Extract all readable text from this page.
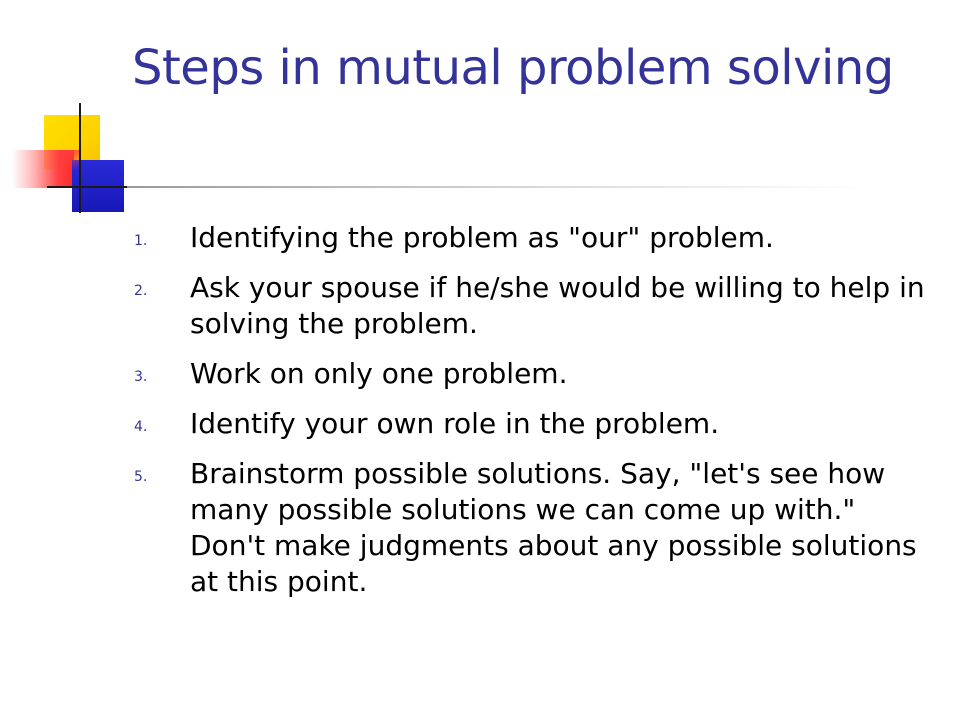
Steps in mutual problem solving
1. Identifying the problem as "our" problem.
2. Ask your spouse if he/she would be willing to help in solving the problem.
3. Work on only one problem.
4. Identify your own role in the problem.
5. Brainstorm possible solutions. Say, "let's see how many possible solutions we can come up with." Don't make judgments about any possible solutions at this point.
